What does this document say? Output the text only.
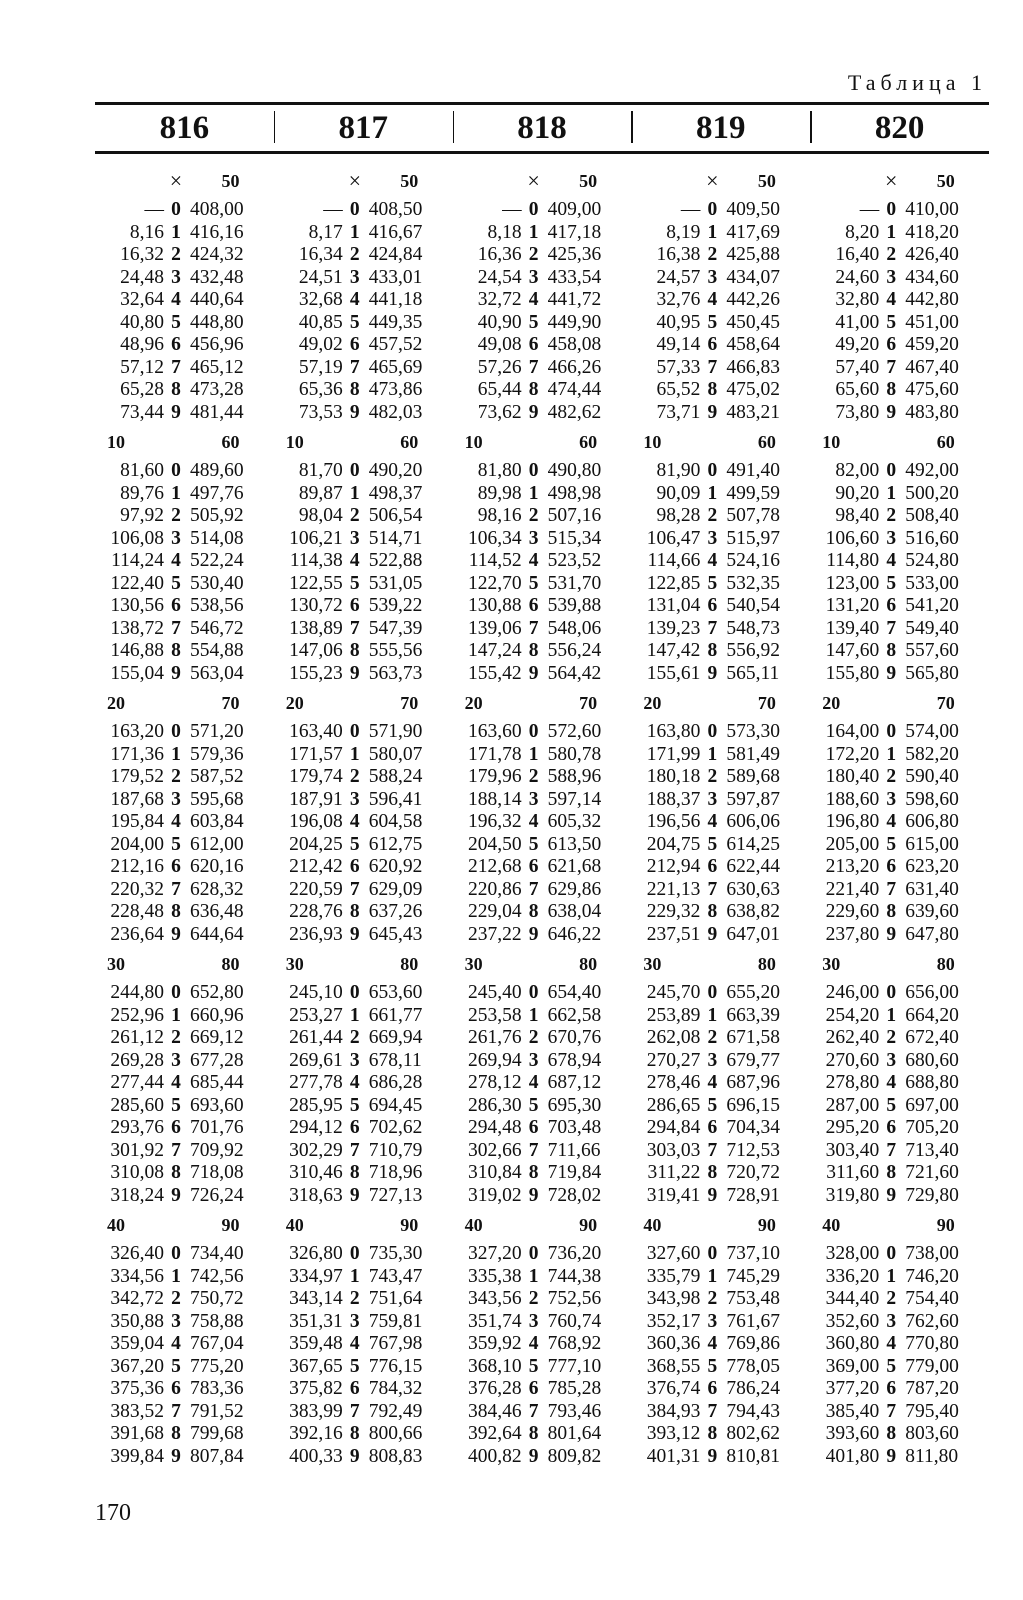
Таблица 1
816	817	818	819	820
×	50	×	50	×	50	×	50	×	50
— 0 408,00	— 0 408,50	— 0 409,00	— 0 409,50	— 0 410,00
8,16 1 416,16	8,17 1 416,67	8,18 1 417,18	8,19 1 417,69	8,20 1 418,20
16,32 2 424,32	16,34 2 424,84	16,36 2 425,36	16,38 2 425,88	16,40 2 426,40
24,48 3 432,48	24,51 3 433,01	24,54 3 433,54	24,57 3 434,07	24,60 3 434,60
32,64 4 440,64	32,68 4 441,18	32,72 4 441,72	32,76 4 442,26	32,80 4 442,80
40,80 5 448,80	40,85 5 449,35	40,90 5 449,90	40,95 5 450,45	41,00 5 451,00
48,96 6 456,96	49,02 6 457,52	49,08 6 458,08	49,14 6 458,64	49,20 6 459,20
57,12 7 465,12	57,19 7 465,69	57,26 7 466,26	57,33 7 466,83	57,40 7 467,40
65,28 8 473,28	65,36 8 473,86	65,44 8 474,44	65,52 8 475,02	65,60 8 475,60
73,44 9 481,44	73,53 9 482,03	73,62 9 482,62	73,71 9 483,21	73,80 9 483,80
10	60	10	60	10	60	10	60	10	60
81,60 0 489,60	81,70 0 490,20	81,80 0 490,80	81,90 0 491,40	82,00 0 492,00
89,76 1 497,76	89,87 1 498,37	89,98 1 498,98	90,09 1 499,59	90,20 1 500,20
97,92 2 505,92	98,04 2 506,54	98,16 2 507,16	98,28 2 507,78	98,40 2 508,40
106,08 3 514,08	106,21 3 514,71	106,34 3 515,34	106,47 3 515,97	106,60 3 516,60
114,24 4 522,24	114,38 4 522,88	114,52 4 523,52	114,66 4 524,16	114,80 4 524,80
122,40 5 530,40	122,55 5 531,05	122,70 5 531,70	122,85 5 532,35	123,00 5 533,00
130,56 6 538,56	130,72 6 539,22	130,88 6 539,88	131,04 6 540,54	131,20 6 541,20
138,72 7 546,72	138,89 7 547,39	139,06 7 548,06	139,23 7 548,73	139,40 7 549,40
146,88 8 554,88	147,06 8 555,56	147,24 8 556,24	147,42 8 556,92	147,60 8 557,60
155,04 9 563,04	155,23 9 563,73	155,42 9 564,42	155,61 9 565,11	155,80 9 565,80
20	70	20	70	20	70	20	70	20	70
163,20 0 571,20	163,40 0 571,90	163,60 0 572,60	163,80 0 573,30	164,00 0 574,00
171,36 1 579,36	171,57 1 580,07	171,78 1 580,78	171,99 1 581,49	172,20 1 582,20
179,52 2 587,52	179,74 2 588,24	179,96 2 588,96	180,18 2 589,68	180,40 2 590,40
187,68 3 595,68	187,91 3 596,41	188,14 3 597,14	188,37 3 597,87	188,60 3 598,60
195,84 4 603,84	196,08 4 604,58	196,32 4 605,32	196,56 4 606,06	196,80 4 606,80
204,00 5 612,00	204,25 5 612,75	204,50 5 613,50	204,75 5 614,25	205,00 5 615,00
212,16 6 620,16	212,42 6 620,92	212,68 6 621,68	212,94 6 622,44	213,20 6 623,20
220,32 7 628,32	220,59 7 629,09	220,86 7 629,86	221,13 7 630,63	221,40 7 631,40
228,48 8 636,48	228,76 8 637,26	229,04 8 638,04	229,32 8 638,82	229,60 8 639,60
236,64 9 644,64	236,93 9 645,43	237,22 9 646,22	237,51 9 647,01	237,80 9 647,80
30	80	30	80	30	80	30	80	30	80
244,80 0 652,80	245,10 0 653,60	245,40 0 654,40	245,70 0 655,20	246,00 0 656,00
252,96 1 660,96	253,27 1 661,77	253,58 1 662,58	253,89 1 663,39	254,20 1 664,20
261,12 2 669,12	261,44 2 669,94	261,76 2 670,76	262,08 2 671,58	262,40 2 672,40
269,28 3 677,28	269,61 3 678,11	269,94 3 678,94	270,27 3 679,77	270,60 3 680,60
277,44 4 685,44	277,78 4 686,28	278,12 4 687,12	278,46 4 687,96	278,80 4 688,80
285,60 5 693,60	285,95 5 694,45	286,30 5 695,30	286,65 5 696,15	287,00 5 697,00
293,76 6 701,76	294,12 6 702,62	294,48 6 703,48	294,84 6 704,34	295,20 6 705,20
301,92 7 709,92	302,29 7 710,79	302,66 7 711,66	303,03 7 712,53	303,40 7 713,40
310,08 8 718,08	310,46 8 718,96	310,84 8 719,84	311,22 8 720,72	311,60 8 721,60
318,24 9 726,24	318,63 9 727,13	319,02 9 728,02	319,41 9 728,91	319,80 9 729,80
40	90	40	90	40	90	40	90	40	90
326,40 0 734,40	326,80 0 735,30	327,20 0 736,20	327,60 0 737,10	328,00 0 738,00
334,56 1 742,56	334,97 1 743,47	335,38 1 744,38	335,79 1 745,29	336,20 1 746,20
342,72 2 750,72	343,14 2 751,64	343,56 2 752,56	343,98 2 753,48	344,40 2 754,40
350,88 3 758,88	351,31 3 759,81	351,74 3 760,74	352,17 3 761,67	352,60 3 762,60
359,04 4 767,04	359,48 4 767,98	359,92 4 768,92	360,36 4 769,86	360,80 4 770,80
367,20 5 775,20	367,65 5 776,15	368,10 5 777,10	368,55 5 778,05	369,00 5 779,00
375,36 6 783,36	375,82 6 784,32	376,28 6 785,28	376,74 6 786,24	377,20 6 787,20
383,52 7 791,52	383,99 7 792,49	384,46 7 793,46	384,93 7 794,43	385,40 7 795,40
391,68 8 799,68	392,16 8 800,66	392,64 8 801,64	393,12 8 802,62	393,60 8 803,60
399,84 9 807,84	400,33 9 808,83	400,82 9 809,82	401,31 9 810,81	401,80 9 811,80
170
